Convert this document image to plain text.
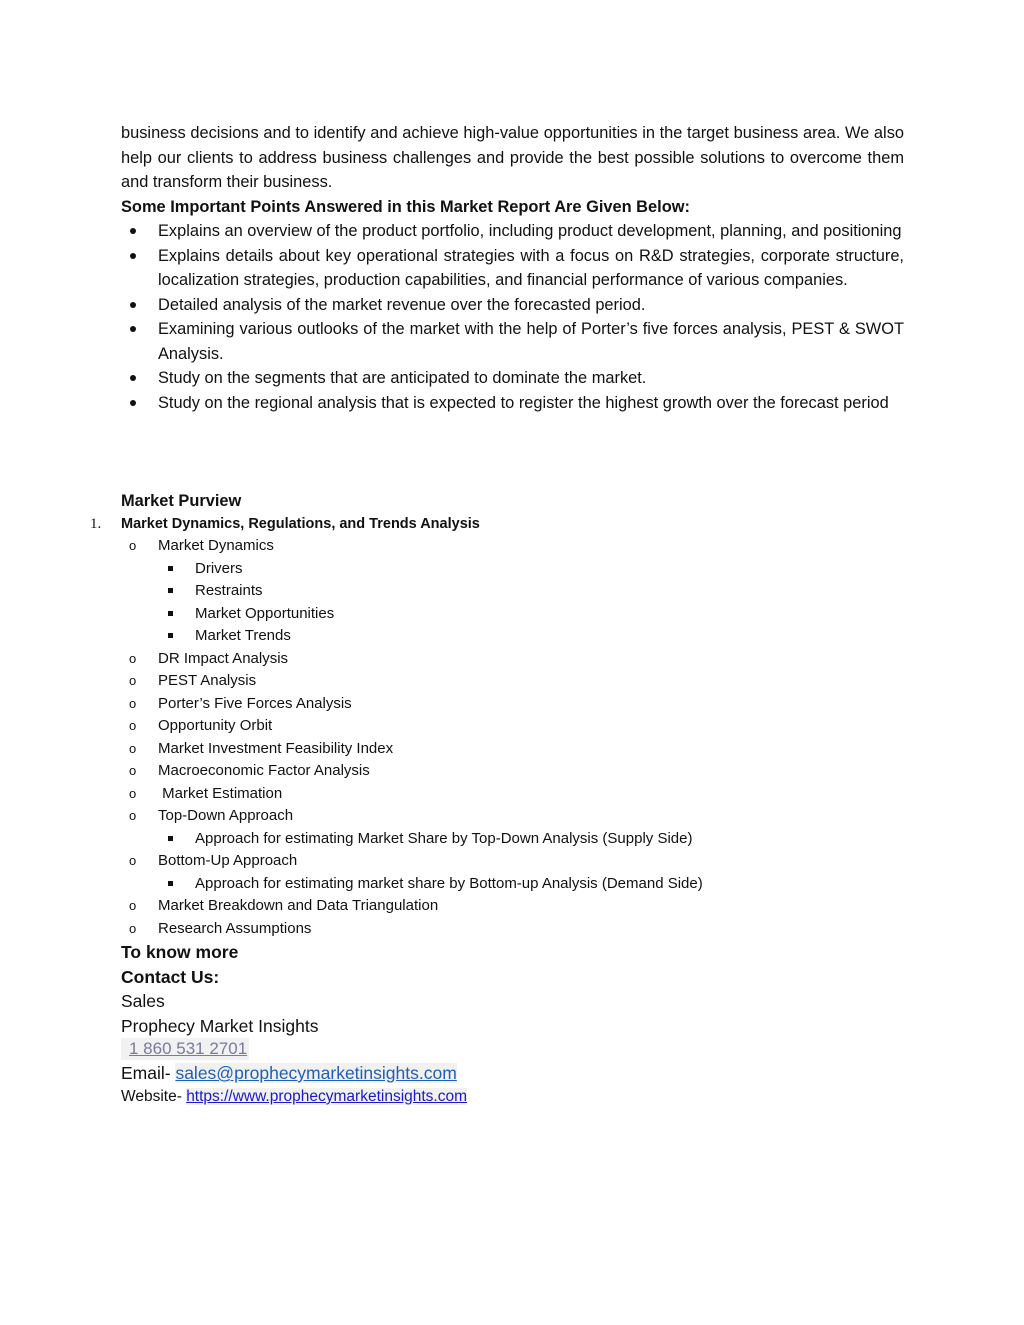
business decisions and to identify and achieve high-value opportunities in the target business area. We also help our clients to address business challenges and provide the best possible solutions to overcome them and transform their business.

Some Important Points Answered in this Market Report Are Given Below:

Explains an overview of the product portfolio, including product development, planning, and positioning
Explains details about key operational strategies with a focus on R&D strategies, corporate structure, localization strategies, production capabilities, and financial performance of various companies.
Detailed analysis of the market revenue over the forecasted period.
Examining various outlooks of the market with the help of Porter’s five forces analysis, PEST & SWOT Analysis.
Study on the segments that are anticipated to dominate the market.
Study on the regional analysis that is expected to register the highest growth over the forecast period

Market Purview

1. Market Dynamics, Regulations, and Trends Analysis
o Market Dynamics
Drivers
Restraints
Market Opportunities
Market Trends
o DR Impact Analysis
o PEST Analysis
o Porter’s Five Forces Analysis
o Opportunity Orbit
o Market Investment Feasibility Index
o Macroeconomic Factor Analysis
o Market Estimation
o Top-Down Approach
Approach for estimating Market Share by Top-Down Analysis (Supply Side)
o Bottom-Up Approach
Approach for estimating market share by Bottom-up Analysis (Demand Side)
o Market Breakdown and Data Triangulation
o Research Assumptions

To know more

Contact Us:

Sales

Prophecy Market Insights

1 860 531 2701
Email- sales@prophecymarketinsights.com
Website- https://www.prophecymarketinsights.com
